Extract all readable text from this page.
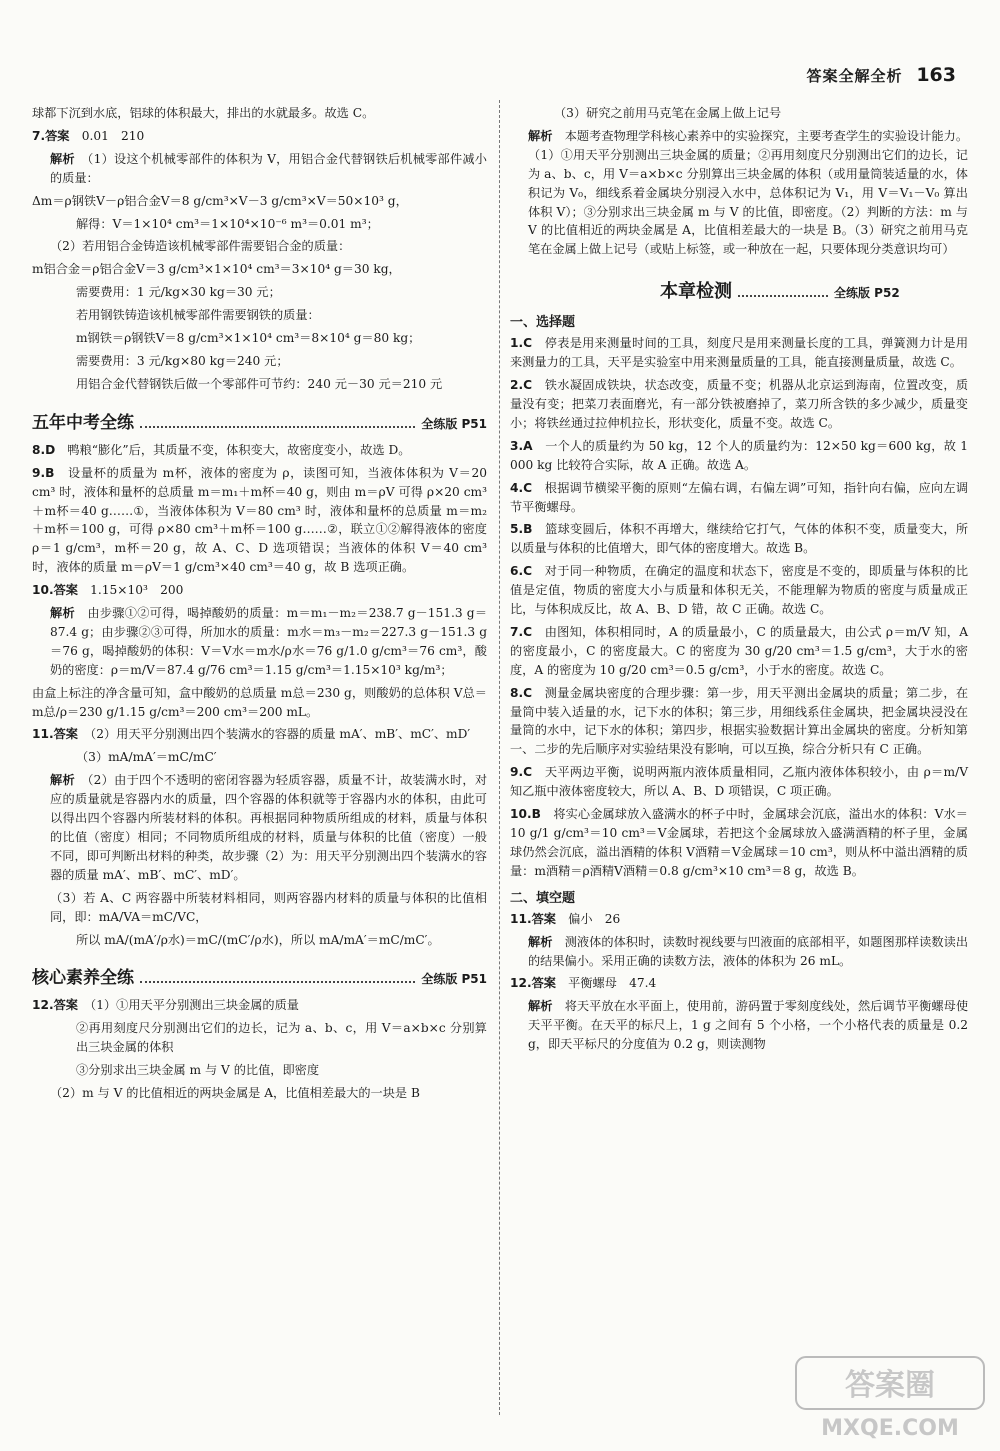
答案全解全析 163

球都下沉到水底，铝球的体积最大，排出的水就最多。故选 C。

7.答案　 0.01　210

解析　 （1）设这个机械零部件的体积为 V，用铝合金代替钢铁后机械零部件减小的质量：

Δm＝ρ钢铁V－ρ铝合金V＝8 g/cm³×V－3 g/cm³×V＝50×10³ g，

解得：V＝1×10⁴ cm³＝1×10⁴×10⁻⁶ m³＝0.01 m³；

（2）若用铝合金铸造该机械零部件需要铝合金的质量：

m铝合金＝ρ铝合金V＝3 g/cm³×1×10⁴ cm³＝3×10⁴ g＝30 kg，

需要费用：1 元/kg×30 kg＝30 元；

若用钢铁铸造该机械零部件需要钢铁的质量：

m钢铁＝ρ钢铁V＝8 g/cm³×1×10⁴ cm³＝8×10⁴ g＝80 kg；

需要费用：3 元/kg×80 kg＝240 元；

用铝合金代替钢铁后做一个零部件可节约：240 元－30 元＝210 元

五年中考全练	全练版 P51

8.D　 鸭粮“膨化”后，其质量不变，体积变大，故密度变小，故选 D。

9.B　 设量杯的质量为 m杯，液体的密度为 ρ，读图可知，当液体体积为 V＝20 cm³ 时，液体和量杯的总质量 m＝m₁＋m杯＝40 g，则由 m＝ρV 可得 ρ×20 cm³＋m杯＝40 g……①，当液体体积为 V＝80 cm³ 时，液体和量杯的总质量 m＝m₂＋m杯＝100 g，可得 ρ×80 cm³＋m杯＝100 g……②，联立①②解得液体的密度 ρ＝1 g/cm³，m杯＝20 g，故 A、C、D 选项错误；当液体的体积 V＝40 cm³ 时，液体的质量 m＝ρV＝1 g/cm³×40 cm³＝40 g，故 B 选项正确。

10.答案　 1.15×10³　200

解析　 由步骤①②可得，喝掉酸奶的质量：m＝m₁－m₂＝238.7 g－151.3 g＝87.4 g；由步骤②③可得，所加水的质量：m水＝m₃－m₂＝227.3 g－151.3 g＝76 g，喝掉酸奶的体积：V＝V水＝m水/ρ水＝76 g/1.0 g/cm³＝76 cm³，酸奶的密度：ρ＝m/V＝87.4 g/76 cm³＝1.15 g/cm³＝1.15×10³ kg/m³；

由盒上标注的净含量可知，盒中酸奶的总质量 m总＝230 g，则酸奶的总体积 V总＝m总/ρ＝230 g/1.15 g/cm³＝200 cm³＝200 mL。

11.答案　 （2）用天平分别测出四个装满水的容器的质量 mA′、mB′、mC′、mD′

（3）mA/mA′＝mC/mC′

解析　 （2）由于四个不透明的密闭容器为轻质容器，质量不计，故装满水时，对应的质量就是容器内水的质量，四个容器的体积就等于容器内水的体积，由此可以得出四个容器内所装材料的体积。再根据同种物质所组成的材料，质量与体积的比值（密度）相同；不同物质所组成的材料，质量与体积的比值（密度）一般不同，即可判断出材料的种类，故步骤（2）为：用天平分别测出四个装满水的容器的质量 mA′、mB′、mC′、mD′。

（3）若 A、C 两容器中所装材料相同，则两容器内材料的质量与体积的比值相同，即：mA/VA＝mC/VC，

所以 mA/(mA′/ρ水)＝mC/(mC′/ρ水)，所以 mA/mA′＝mC/mC′。

核心素养全练	全练版 P51

12.答案　 （1）①用天平分别测出三块金属的质量

②再用刻度尺分别测出它们的边长，记为 a、b、c，用 V＝a×b×c 分别算出三块金属的体积

③分别求出三块金属 m 与 V 的比值，即密度

（2）m 与 V 的比值相近的两块金属是 A，比值相差最大的一块是 B

（3）研究之前用马克笔在金属上做上记号

解析　 本题考查物理学科核心素养中的实验探究，主要考查学生的实验设计能力。（1）①用天平分别测出三块金属的质量；②再用刻度尺分别测出它们的边长，记为 a、b、c，用 V＝a×b×c 分别算出三块金属的体积（或用量筒装适量的水，体积记为 V₀，细线系着金属块分别浸入水中，总体积记为 V₁，用 V＝V₁－V₀ 算出体积 V）；③分别求出三块金属 m 与 V 的比值，即密度。（2）判断的方法：m 与 V 的比值相近的两块金属是 A，比值相差最大的一块是 B。（3）研究之前用马克笔在金属上做上记号（或贴上标签，或一种放在一起，只要体现分类意识均可）

本章检测	全练版 P52
一、选择题

1.C　 停表是用来测量时间的工具，刻度尺是用来测量长度的工具，弹簧测力计是用来测量力的工具，天平是实验室中用来测量质量的工具，能直接测量质量，故选 C。

2.C　 铁水凝固成铁块，状态改变，质量不变；机器从北京运到海南，位置改变，质量没有变；把菜刀表面磨光，有一部分铁被磨掉了，菜刀所含铁的多少减少，质量变小；将铁丝通过拉伸机拉长，形状变化，质量不变。故选 C。

3.A　 一个人的质量约为 50 kg，12 个人的质量约为：12×50 kg＝600 kg，故 1 000 kg 比较符合实际，故 A 正确。故选 A。

4.C　 根据调节横梁平衡的原则“左偏右调，右偏左调”可知，指针向右偏，应向左调节平衡螺母。

5.B　 篮球变圆后，体积不再增大，继续给它打气，气体的体积不变，质量变大，所以质量与体积的比值增大，即气体的密度增大。故选 B。

6.C　 对于同一种物质，在确定的温度和状态下，密度是不变的，即质量与体积的比值是定值，物质的密度大小与质量和体积无关，不能理解为物质的密度与质量成正比，与体积成反比，故 A、B、D 错，故 C 正确。故选 C。

7.C　 由图知，体积相同时，A 的质量最小，C 的质量最大，由公式 ρ＝m/V 知，A 的密度最小，C 的密度最大。C 的密度为 30 g/20 cm³＝1.5 g/cm³，大于水的密度，A 的密度为 10 g/20 cm³＝0.5 g/cm³，小于水的密度。故选 C。

8.C　 测量金属块密度的合理步骤：第一步，用天平测出金属块的质量；第二步，在量筒中装入适量的水，记下水的体积；第三步，用细线系住金属块，把金属块浸没在量筒的水中，记下水的体积；第四步，根据实验数据计算出金属块的密度。分析知第一、二步的先后顺序对实验结果没有影响，可以互换，综合分析只有 C 正确。

9.C　 天平两边平衡，说明两瓶内液体质量相同，乙瓶内液体体积较小，由 ρ＝m/V 知乙瓶中液体密度较大，所以 A、B、D 项错误，C 项正确。

10.B　 将实心金属球放入盛满水的杯子中时，金属球会沉底，溢出水的体积：V水＝10 g/1 g/cm³＝10 cm³＝V金属球，若把这个金属球放入盛满酒精的杯子里，金属球仍然会沉底，溢出酒精的体积 V酒精＝V金属球＝10 cm³，则从杯中溢出酒精的质量：m酒精＝ρ酒精V酒精＝0.8 g/cm³×10 cm³＝8 g，故选 B。

二、填空题

11.答案　 偏小　26

解析　 测液体的体积时，读数时视线要与凹液面的底部相平，如题图那样读数读出的结果偏小。采用正确的读数方法，液体的体积为 26 mL。

12.答案　 平衡螺母　47.4

解析　 将天平放在水平面上，使用前，游码置于零刻度线处，然后调节平衡螺母使天平平衡。在天平的标尺上，1 g 之间有 5 个小格，一个小格代表的质量是 0.2 g，即天平标尺的分度值为 0.2 g，则读测物

答案圈
MXQE.COM
